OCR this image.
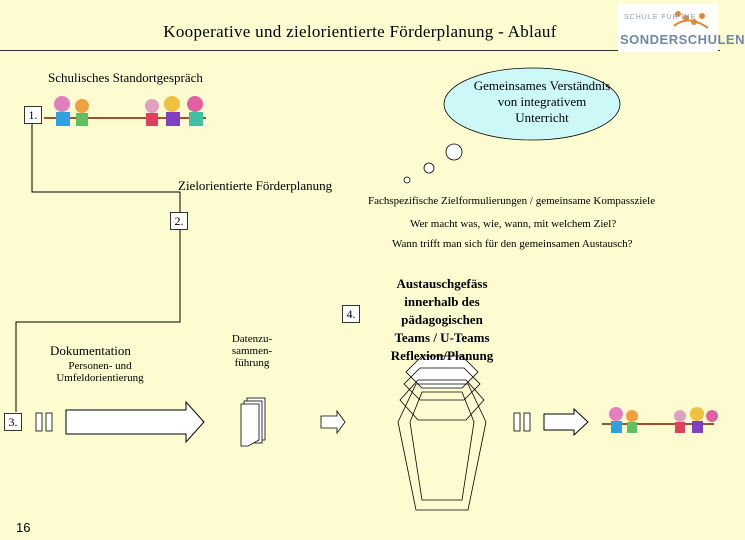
Kooperative und zielorientierte Förderplanung - Ablauf
SCHULE FÜR DIE
SONDERSCHULEN
Schulisches Standortgespräch
1.
Gemeinsames Verständnis
von integrativem
Unterricht
Zielorientierte Förderplanung
2.
Fachspezifische Zielformulierungen / gemeinsame Kompassziele
Wer macht was, wie, wann, mit welchem Ziel?
Wann trifft man sich für den gemeinsamen Austausch?
Dokumentation
Personen- und
Umfeldorientierung
3.
Datenzu-
sammen-
führung
4.
Austauschgefäss
innerhalb des
pädagogischen
Teams / U-Teams
Reflexion/Planung
16
